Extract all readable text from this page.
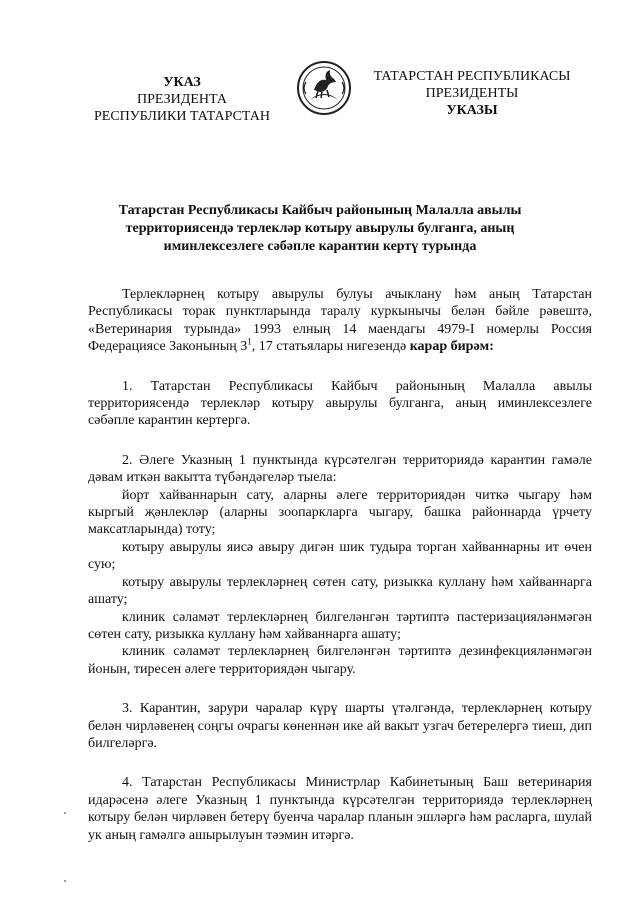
УКАЗ
ПРЕЗИДЕНТА
РЕСПУБЛИКИ ТАТАРСТАН
ТАТАРСТАН РЕСПУБЛИКАСЫ
ПРЕЗИДЕНТЫ
УКАЗЫ
Татарстан Республикасы Кайбыч районының Малалла авылы
территориясендә терлекләр котыру авырулы булганга, аның
иминлексезлеге сәбәпле карантин кертү турында

Терлекләрнең котыру авырулы булуы ачыклану һәм аның Татарстан Республикасы торак пунктларында таралу куркынычы белән бәйле рәвештә, «Ветеринария турында» 1993 елның 14 маендагы 4979-I номерлы Россия Федерациясе Законының $3^1$, 17 статьялары нигезендә карар бирәм:

1. Татарстан Республикасы Кайбыч районының Малалла авылы территориясендә терлекләр котыру авырулы булганга, аның иминлексезлеге сәбәпле карантин кертергә.

2. Әлеге Указның 1 пунктында күрсәтелгән территориядә карантин гамәле дәвам иткән вакытта түбәндәгеләр тыела:

йорт хайваннарын сату, аларны әлеге территориядән читкә чыгару һәм кыргый җәнлекләр (аларны зоопаркларга чыгару, башка районнарда үрчету максатларында) тоту;

котыру авырулы яисә авыру дигән шик тудыра торган хайваннарны ит өчен сую;

котыру авырулы терлекләрнең сөтен сату, ризыкка куллану һәм хайваннарга ашату;

клиник сәламәт терлекләрнең билгеләнгән тәртиптә пастеризацияләнмәгән сөтен сату, ризыкка куллану һәм хайваннарга ашату;

клиник сәламәт терлекләрнең билгеләнгән тәртиптә дезинфекцияләнмәгән йонын, тиресен әлеге территориядән чыгару.

3. Карантин, зарури чаралар күрү шарты үтәлгәндә, терлекләрнең котыру белән чирләвенең соңгы очрагы көненнән ике ай вакыт узгач бетерелергә тиеш, дип билгеләргә.

4. Татарстан Республикасы Министрлар Кабинетының Баш ветеринария идарәсенә әлеге Указның 1 пунктында күрсәтелгән территориядә терлекләрнең котыру белән чирләвен бетерү буенча чаралар планын эшләргә һәм расларга, шулай ук аның гамәлгә ашырылуын тәэмин итәргә.
